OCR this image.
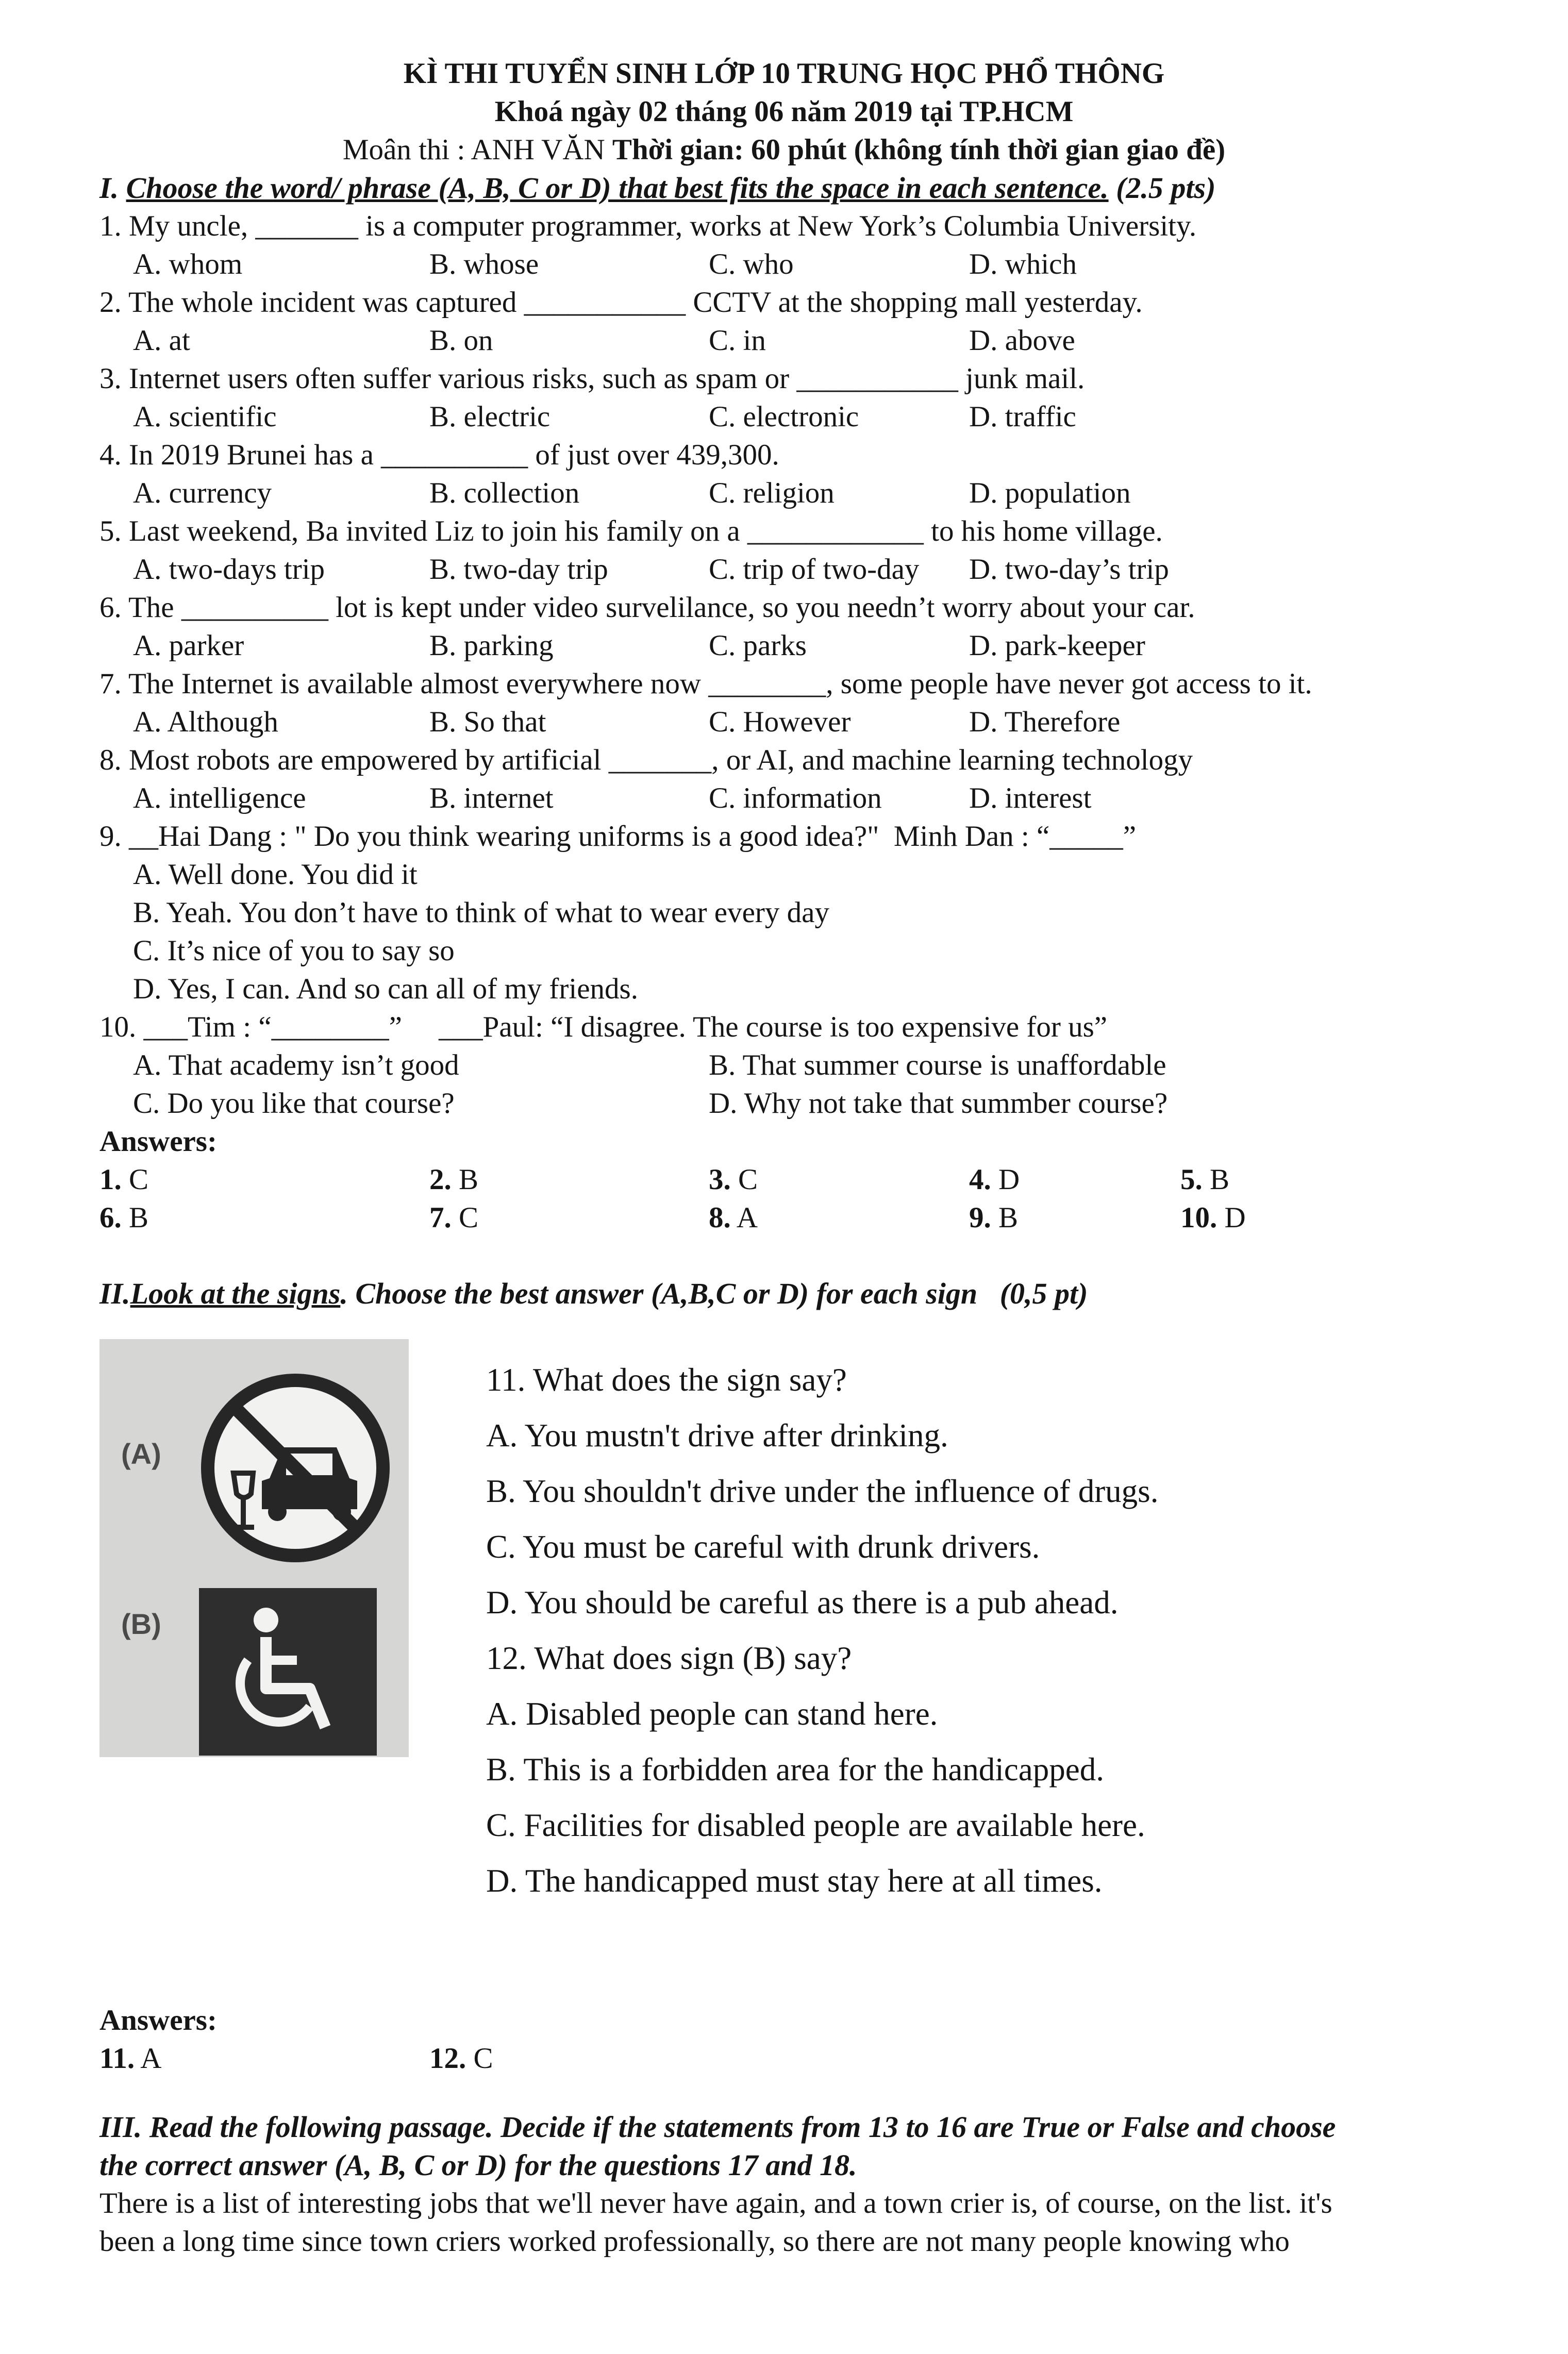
KÌ THI TUYỂN SINH LỚP 10 TRUNG HỌC PHỔ THÔNG
Khoá ngày 02 tháng 06 năm 2019 tại TP.HCM
Moân thi : ANH VĂN Thời gian: 60 phút (không tính thời gian giao đề)
I. Choose the word/ phrase (A, B, C or D) that best fits the space in each sentence. (2.5 pts)
1. My uncle, _______ is a computer programmer, works at New York’s Columbia University.
A. whom	B. whose	C. who	D. which
2. The whole incident was captured ___________ CCTV at the shopping mall yesterday.
A. at	B. on	C. in	D. above
3. Internet users often suffer various risks, such as spam or ___________ junk mail.
A. scientific	B. electric	C. electronic	D. traffic
4. In 2019 Brunei has a __________ of just over 439,300.
A. currency	B. collection	C. religion	D. population
5. Last weekend, Ba invited Liz to join his family on a ____________ to his home village.
A. two-days trip	B. two-day trip	C. trip of two-day D. two-day’s trip
6. The __________ lot is kept under video survelilance, so you needn’t worry about your car.
A. parker	B. parking	C. parks	D. park-keeper
7. The Internet is available almost everywhere now ________, some people have never got access to it.
A. Although	B. So that	C. However	D. Therefore
8. Most robots are empowered by artificial _______, or AI, and machine learning technology
A. intelligence	B. internet	C. information	D. interest
9. __Hai Dang : " Do you think wearing uniforms is a good idea?"  Minh Dan : “_____”
A. Well done. You did it
B. Yeah. You don’t have to think of what to wear every day
C. It’s nice of you to say so
D. Yes, I can. And so can all of my friends.
10. ___Tim : “________”     ___Paul: “I disagree. The course is too expensive for us”
A. That academy isn’t good	B. That summer course is unaffordable
C. Do you like that course?	D. Why not take that summber course?
Answers:
1. C	2. B	3. C	4. D	5. B
6. B	7. C	8. A	9. B	10. D
II.Look at the signs. Choose the best answer (A,B,C or D) for each sign   (0,5 pt)
(A)
(B)
11. What does the sign say?
A. You mustn't drive after drinking.
B. You shouldn't drive under the influence of drugs.
C. You must be careful with drunk drivers.
D. You should be careful as there is a pub ahead.
12. What does sign (B) say?
A. Disabled people can stand here.
B. This is a forbidden area for the handicapped.
C. Facilities for disabled people are available here.
D. The handicapped must stay here at all times.
Answers:
11. A	12. C
III. Read the following passage. Decide if the statements from 13 to 16 are True or False and choose
the correct answer (A, B, C or D) for the questions 17 and 18.
There is a list of interesting jobs that we'll never have again, and a town crier is, of course, on the list. it's
been a long time since town criers worked professionally, so there are not many people knowing who
